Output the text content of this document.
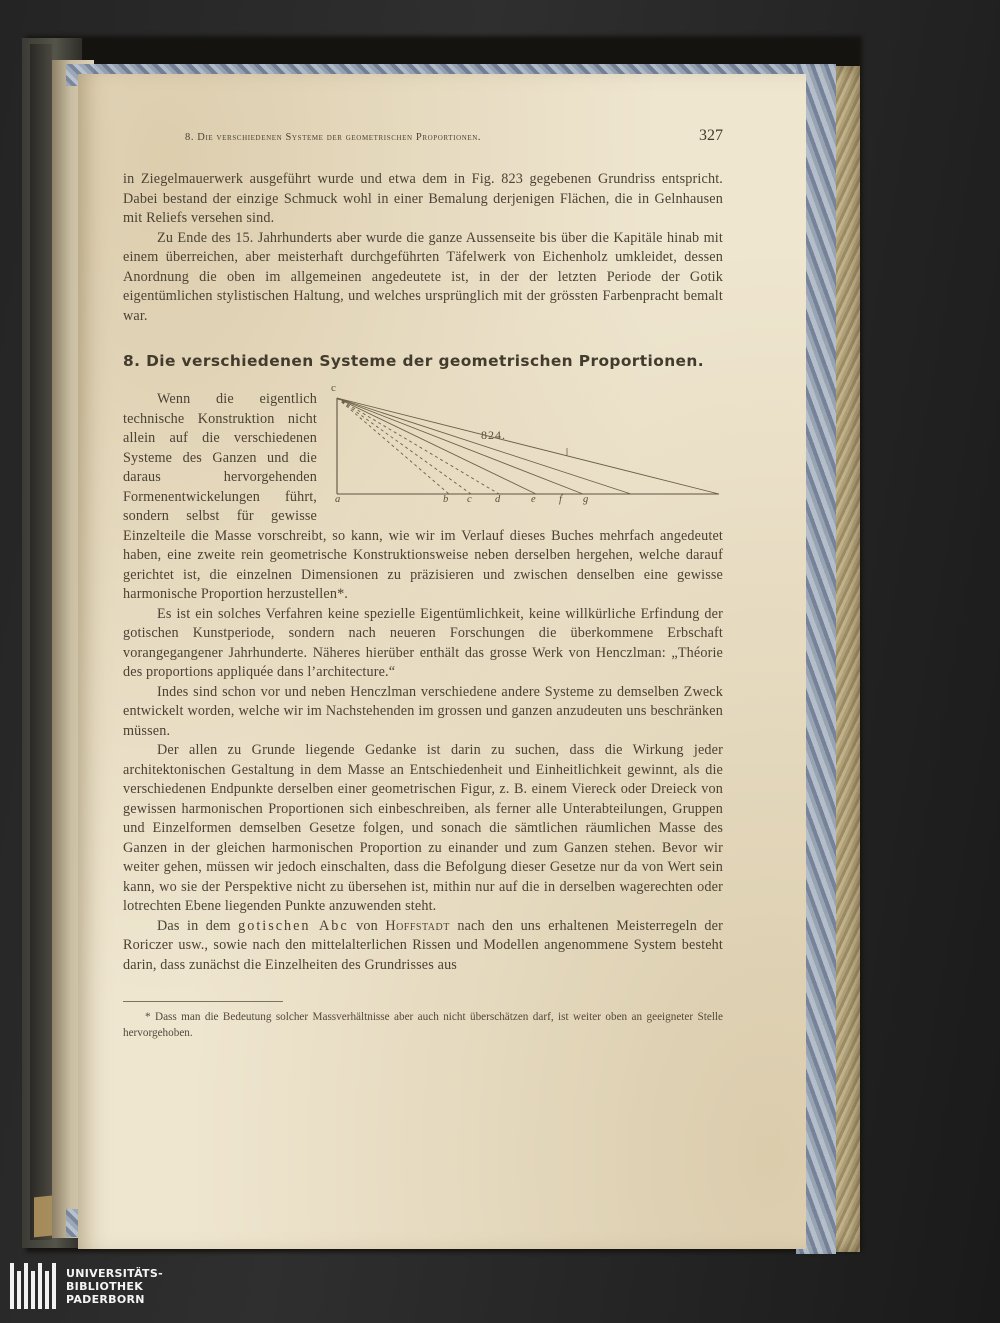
8. Die verschiedenen Systeme der geometrischen Proportionen.	327

in Ziegelmauerwerk ausgeführt wurde und etwa dem in Fig. 823 gegebenen Grundriss entspricht. Dabei bestand der einzige Schmuck wohl in einer Bemalung derjenigen Flächen, die in Gelnhausen mit Reliefs versehen sind.

Zu Ende des 15. Jahrhunderts aber wurde die ganze Aussenseite bis über die Kapitäle hinab mit einem überreichen, aber meisterhaft durchgeführten Täfelwerk von Eichenholz umkleidet, dessen Anordnung die oben im allgemeinen angedeutete ist, in der der letzten Periode der Gotik eigentümlichen stylistischen Haltung, und welches ursprünglich mit der grössten Farbenpracht bemalt war.

8. Die verschiedenen Systeme der geometrischen Proportionen.
c
824.
a	b c d	e f g

Wenn die eigentlich technische Konstruktion nicht allein auf die verschiedenen Systeme des Ganzen und die daraus hervorgehenden Formenentwickelungen führt, sondern selbst für gewisse Einzelteile die Masse vorschreibt, so kann, wie wir im Verlauf dieses Buches mehrfach angedeutet haben, eine zweite rein geometrische Konstruktionsweise neben derselben hergehen, welche darauf gerichtet ist, die einzelnen Dimensionen zu präzisieren und zwischen denselben eine gewisse harmonische Proportion herzustellen*.

Es ist ein solches Verfahren keine spezielle Eigentümlichkeit, keine willkürliche Erfindung der gotischen Kunstperiode, sondern nach neueren Forschungen die überkommene Erbschaft vorangegangener Jahrhunderte. Näheres hierüber enthält das grosse Werk von Henczlman: „Théorie des proportions appliquée dans l’architecture.“

Indes sind schon vor und neben Henczlman verschiedene andere Systeme zu demselben Zweck entwickelt worden, welche wir im Nachstehenden im grossen und ganzen anzudeuten uns beschränken müssen.

Der allen zu Grunde liegende Gedanke ist darin zu suchen, dass die Wirkung jeder architektonischen Gestaltung in dem Masse an Entschiedenheit und Einheitlichkeit gewinnt, als die verschiedenen Endpunkte derselben einer geometrischen Figur, z. B. einem Viereck oder Dreieck von gewissen harmonischen Proportionen sich einbeschreiben, als ferner alle Unterabteilungen, Gruppen und Einzelformen demselben Gesetze folgen, und sonach die sämtlichen räumlichen Masse des Ganzen in der gleichen harmonischen Proportion zu einander und zum Ganzen stehen. Bevor wir weiter gehen, müssen wir jedoch einschalten, dass die Befolgung dieser Gesetze nur da von Wert sein kann, wo sie der Perspektive nicht zu übersehen ist, mithin nur auf die in derselben wagerechten oder lotrechten Ebene liegenden Punkte anzuwenden steht.

Das in dem gotischen Abc von Hoffstadt nach den uns erhaltenen Meisterregeln der Roriczer usw., sowie nach den mittelalterlichen Rissen und Modellen angenommene System besteht darin, dass zunächst die Einzelheiten des Grundrisses aus

* Dass man die Bedeutung solcher Massverhältnisse aber auch nicht überschätzen darf, ist weiter oben an geeigneter Stelle hervorgehoben.

UNIVERSITÄTS-
BIBLIOTHEK
PADERBORN
